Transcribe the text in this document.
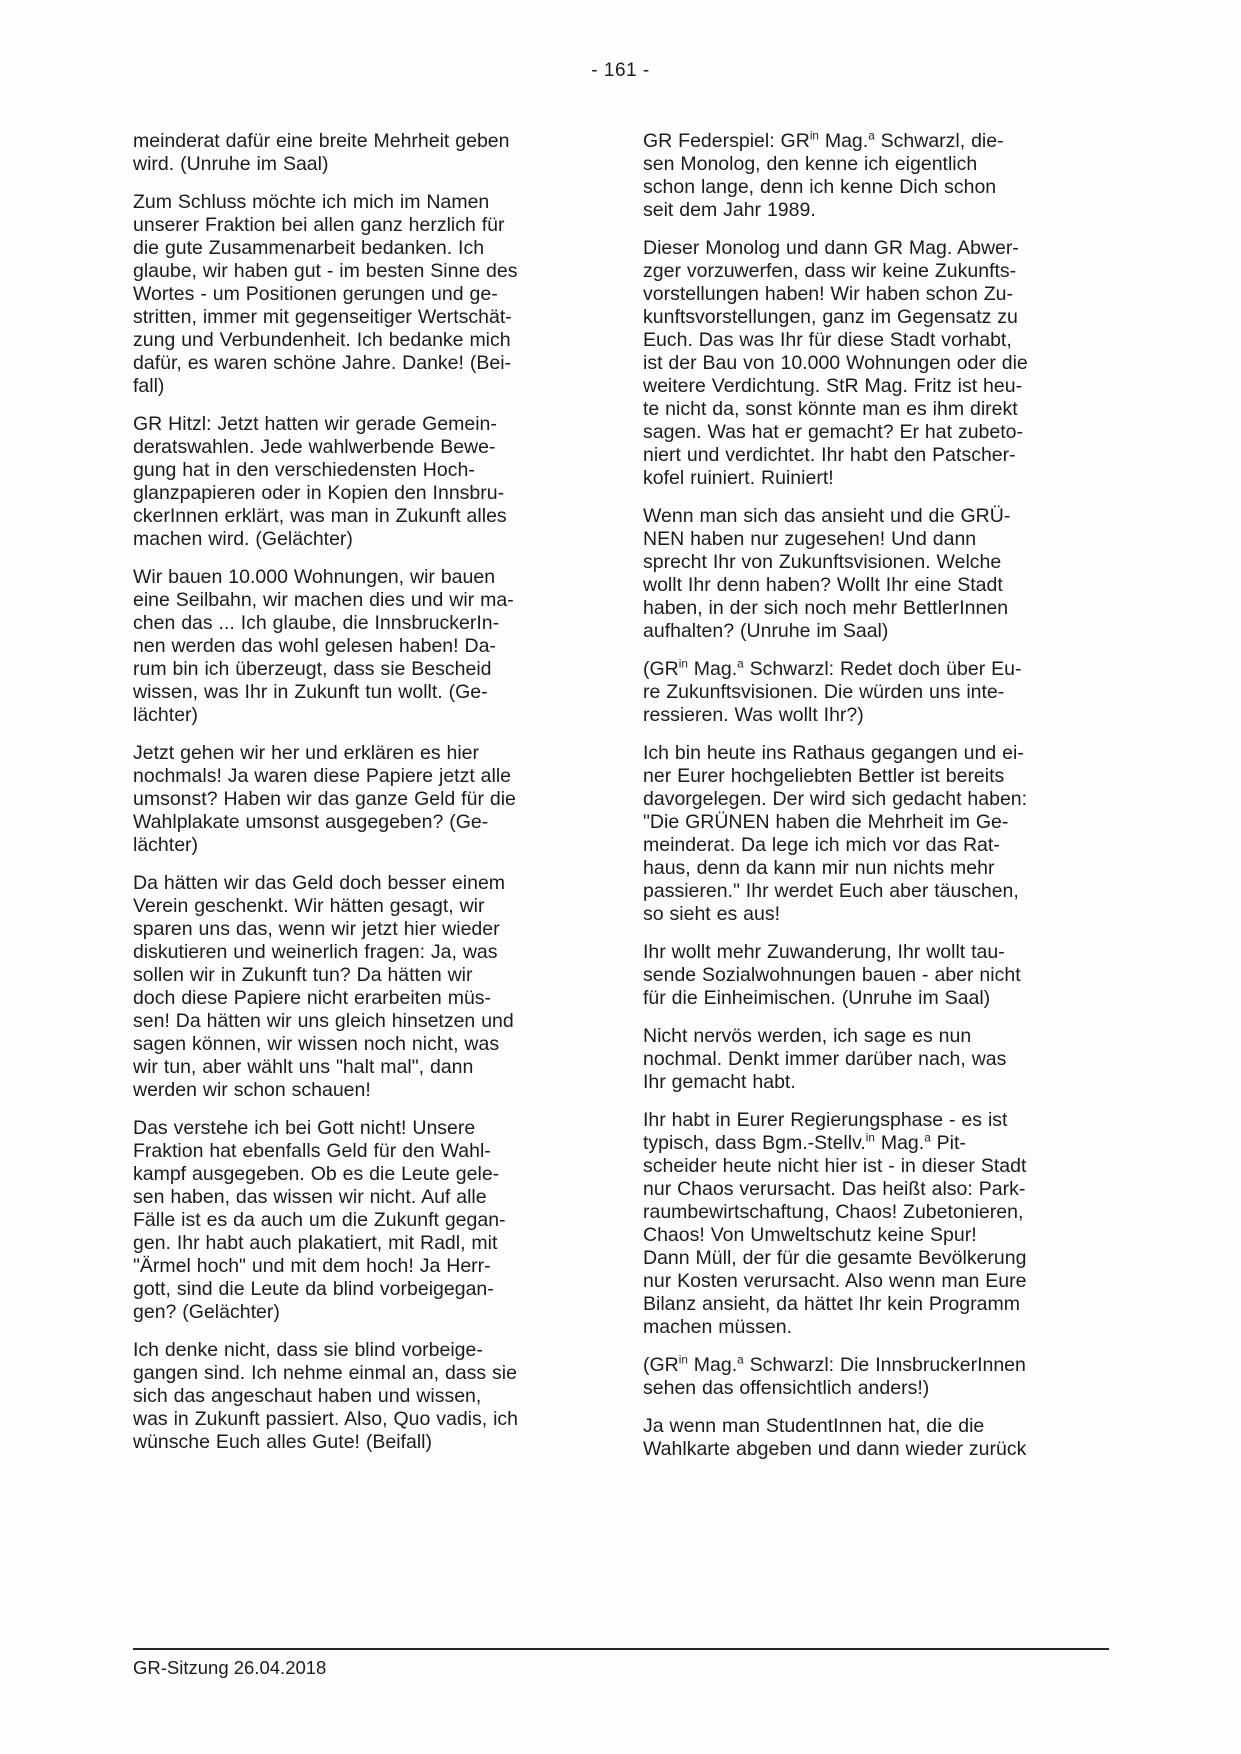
- 161 -

meinderat dafür eine breite Mehrheit geben
wird. (Unruhe im Saal)

Zum Schluss möchte ich mich im Namen
unserer Fraktion bei allen ganz herzlich für
die gute Zusammenarbeit bedanken. Ich
glaube, wir haben gut - im besten Sinne des
Wortes - um Positionen gerungen und ge-
stritten, immer mit gegenseitiger Wertschät-
zung und Verbundenheit. Ich bedanke mich
dafür, es waren schöne Jahre. Danke! (Bei-
fall)

GR Hitzl: Jetzt hatten wir gerade Gemein-
deratswahlen. Jede wahlwerbende Bewe-
gung hat in den verschiedensten Hoch-
glanzpapieren oder in Kopien den Innsbru-
ckerInnen erklärt, was man in Zukunft alles
machen wird. (Gelächter)

Wir bauen 10.000 Wohnungen, wir bauen
eine Seilbahn, wir machen dies und wir ma-
chen das ... Ich glaube, die InnsbruckerIn-
nen werden das wohl gelesen haben! Da-
rum bin ich überzeugt, dass sie Bescheid
wissen, was Ihr in Zukunft tun wollt. (Ge-
lächter)

Jetzt gehen wir her und erklären es hier
nochmals! Ja waren diese Papiere jetzt alle
umsonst? Haben wir das ganze Geld für die
Wahlplakate umsonst ausgegeben? (Ge-
lächter)

Da hätten wir das Geld doch besser einem
Verein geschenkt. Wir hätten gesagt, wir
sparen uns das, wenn wir jetzt hier wieder
diskutieren und weinerlich fragen: Ja, was
sollen wir in Zukunft tun? Da hätten wir
doch diese Papiere nicht erarbeiten müs-
sen! Da hätten wir uns gleich hinsetzen und
sagen können, wir wissen noch nicht, was
wir tun, aber wählt uns "halt mal", dann
werden wir schon schauen!

Das verstehe ich bei Gott nicht! Unsere
Fraktion hat ebenfalls Geld für den Wahl-
kampf ausgegeben. Ob es die Leute gele-
sen haben, das wissen wir nicht. Auf alle
Fälle ist es da auch um die Zukunft gegan-
gen. Ihr habt auch plakatiert, mit Radl, mit
"Ärmel hoch" und mit dem hoch! Ja Herr-
gott, sind die Leute da blind vorbeigegan-
gen? (Gelächter)

Ich denke nicht, dass sie blind vorbeige-
gangen sind. Ich nehme einmal an, dass sie
sich das angeschaut haben und wissen,
was in Zukunft passiert. Also, Quo vadis, ich
wünsche Euch alles Gute! (Beifall)

GR Federspiel: $GR^{in}$ Mag.$^a$ Schwarzl, die-
sen Monolog, den kenne ich eigentlich
schon lange, denn ich kenne Dich schon
seit dem Jahr 1989.

Dieser Monolog und dann GR Mag. Abwer-
zger vorzuwerfen, dass wir keine Zukunfts-
vorstellungen haben! Wir haben schon Zu-
kunftsvorstellungen, ganz im Gegensatz zu
Euch. Das was Ihr für diese Stadt vorhabt,
ist der Bau von 10.000 Wohnungen oder die
weitere Verdichtung. StR Mag. Fritz ist heu-
te nicht da, sonst könnte man es ihm direkt
sagen. Was hat er gemacht? Er hat zubeto-
niert und verdichtet. Ihr habt den Patscher-
kofel ruiniert. Ruiniert!

Wenn man sich das ansieht und die GRÜ-
NEN haben nur zugesehen! Und dann
sprecht Ihr von Zukunftsvisionen. Welche
wollt Ihr denn haben? Wollt Ihr eine Stadt
haben, in der sich noch mehr BettlerInnen
aufhalten? (Unruhe im Saal)

($GR^{in}$ Mag.$^a$ Schwarzl: Redet doch über Eu-
re Zukunftsvisionen. Die würden uns inte-
ressieren. Was wollt Ihr?)

Ich bin heute ins Rathaus gegangen und ei-
ner Eurer hochgeliebten Bettler ist bereits
davorgelegen. Der wird sich gedacht haben:
"Die GRÜNEN haben die Mehrheit im Ge-
meinderat. Da lege ich mich vor das Rat-
haus, denn da kann mir nun nichts mehr
passieren." Ihr werdet Euch aber täuschen,
so sieht es aus!

Ihr wollt mehr Zuwanderung, Ihr wollt tau-
sende Sozialwohnungen bauen - aber nicht
für die Einheimischen. (Unruhe im Saal)

Nicht nervös werden, ich sage es nun
nochmal. Denkt immer darüber nach, was
Ihr gemacht habt.

Ihr habt in Eurer Regierungsphase - es ist
typisch, dass Bgm.-Stellv.$^{in}$ Mag.$^a$ Pit-
scheider heute nicht hier ist - in dieser Stadt
nur Chaos verursacht. Das heißt also: Park-
raumbewirtschaftung, Chaos! Zubetonieren,
Chaos! Von Umweltschutz keine Spur!
Dann Müll, der für die gesamte Bevölkerung
nur Kosten verursacht. Also wenn man Eure
Bilanz ansieht, da hättet Ihr kein Programm
machen müssen.

($GR^{in}$ Mag.$^a$ Schwarzl: Die InnsbruckerInnen
sehen das offensichtlich anders!)

Ja wenn man StudentInnen hat, die die
Wahlkarte abgeben und dann wieder zurück

GR-Sitzung 26.04.2018
